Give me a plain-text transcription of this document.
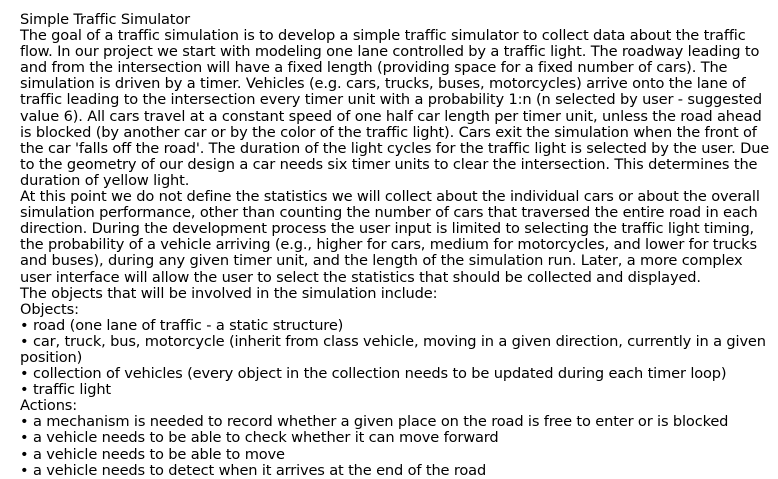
Simple Traffic Simulator

The goal of a traffic simulation is to develop a simple traffic simulator to collect data about the traffic flow. In our project we start with modeling one lane controlled by a traffic light. The roadway leading to and from the intersection will have a fixed length (providing space for a fixed number of cars). The simulation is driven by a timer. Vehicles (e.g. cars, trucks, buses, motorcycles) arrive onto the lane of traffic leading to the intersection every timer unit with a probability 1:n (n selected by user - suggested value 6). All cars travel at a constant speed of one half car length per timer unit, unless the road ahead is blocked (by another car or by the color of the traffic light). Cars exit the simulation when the front of the car 'falls off the road'. The duration of the light cycles for the traffic light is selected by the user. Due to the geometry of our design a car needs six timer units to clear the intersection. This determines the duration of yellow light.

At this point we do not define the statistics we will collect about the individual cars or about the overall simulation performance, other than counting the number of cars that traversed the entire road in each direction. During the development process the user input is limited to selecting the traffic light timing, the probability of a vehicle arriving (e.g., higher for cars, medium for motorcycles, and lower for trucks and buses), during any given timer unit, and the length of the simulation run. Later, a more complex user interface will allow the user to select the statistics that should be collected and displayed.

The objects that will be involved in the simulation include:

Objects:

• road (one lane of traffic - a static structure)
• car, truck, bus, motorcycle (inherit from class vehicle, moving in a given direction, currently in a given position)
• collection of vehicles (every object in the collection needs to be updated during each timer loop)
• traffic light

Actions:

• a mechanism is needed to record whether a given place on the road is free to enter or is blocked
• a vehicle needs to be able to check whether it can move forward
• a vehicle needs to be able to move
• a vehicle needs to detect when it arrives at the end of the road
